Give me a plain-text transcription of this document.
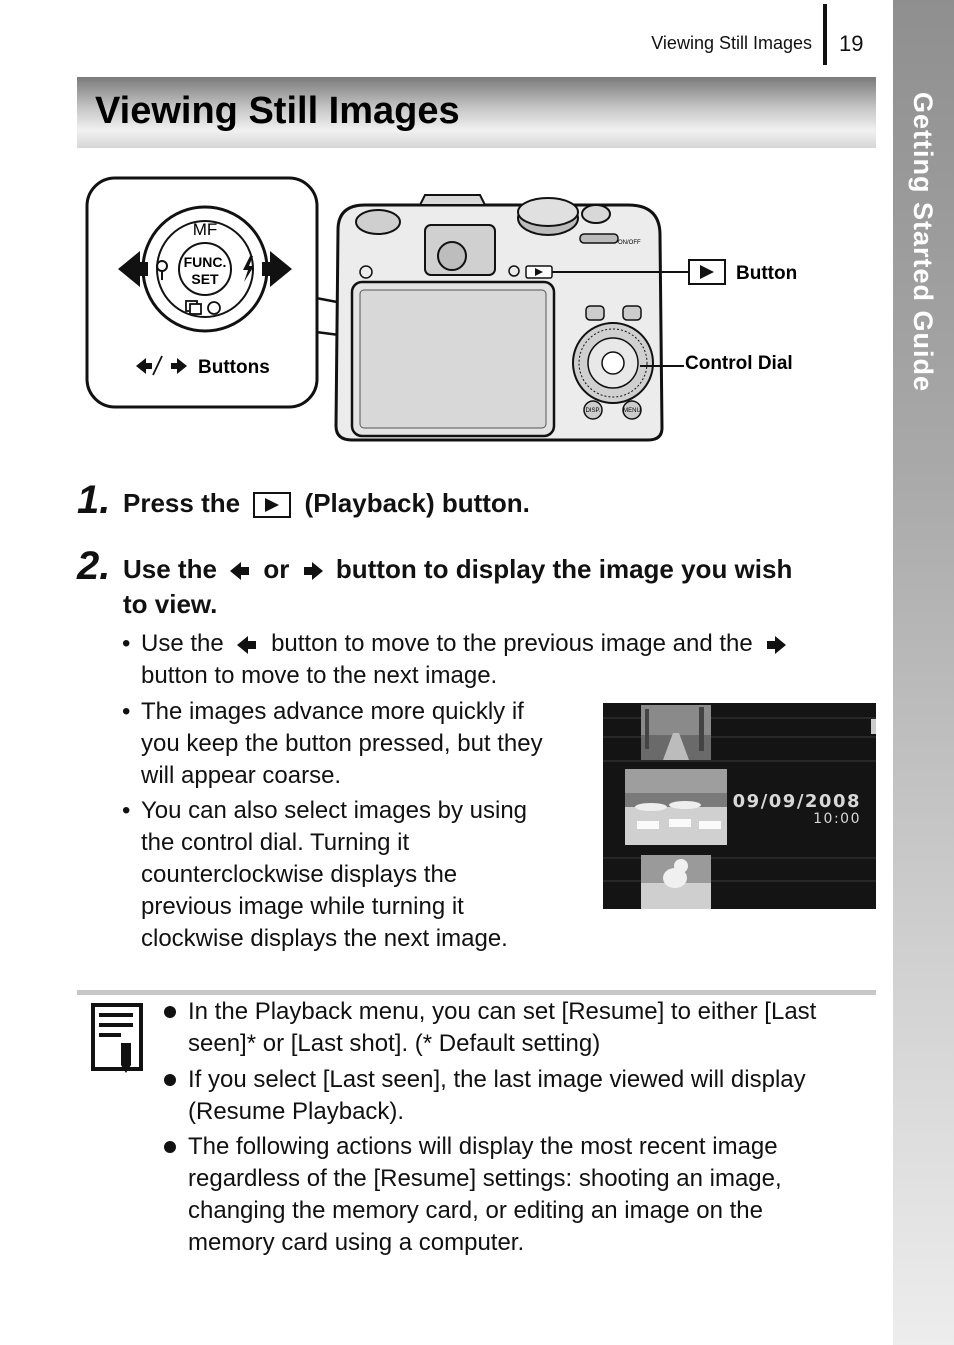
Viewing Still Images 19
Getting Started Guide
Viewing Still Images
MF
FUNC.
SET
Buttons
ON/OFF
DISP.	MENU
Button
Control Dial
1. Press the (Playback) button.
2. Use the or button to display the image you wish
to view.
• Use the button to move to the previous image and the
button to move to the next image.
• The images advance more quickly if
you keep the button pressed, but they
will appear coarse.
• You can also select images by using
the control dial. Turning it
counterclockwise displays the
previous image while turning it
clockwise displays the next image.
09/09/2008
10:00
In the Playback menu, you can set [Resume] to either [Last
seen]* or [Last shot]. (* Default setting)
If you select [Last seen], the last image viewed will display
(Resume Playback).
The following actions will display the most recent image
regardless of the [Resume] settings: shooting an image,
changing the memory card, or editing an image on the
memory card using a computer.
